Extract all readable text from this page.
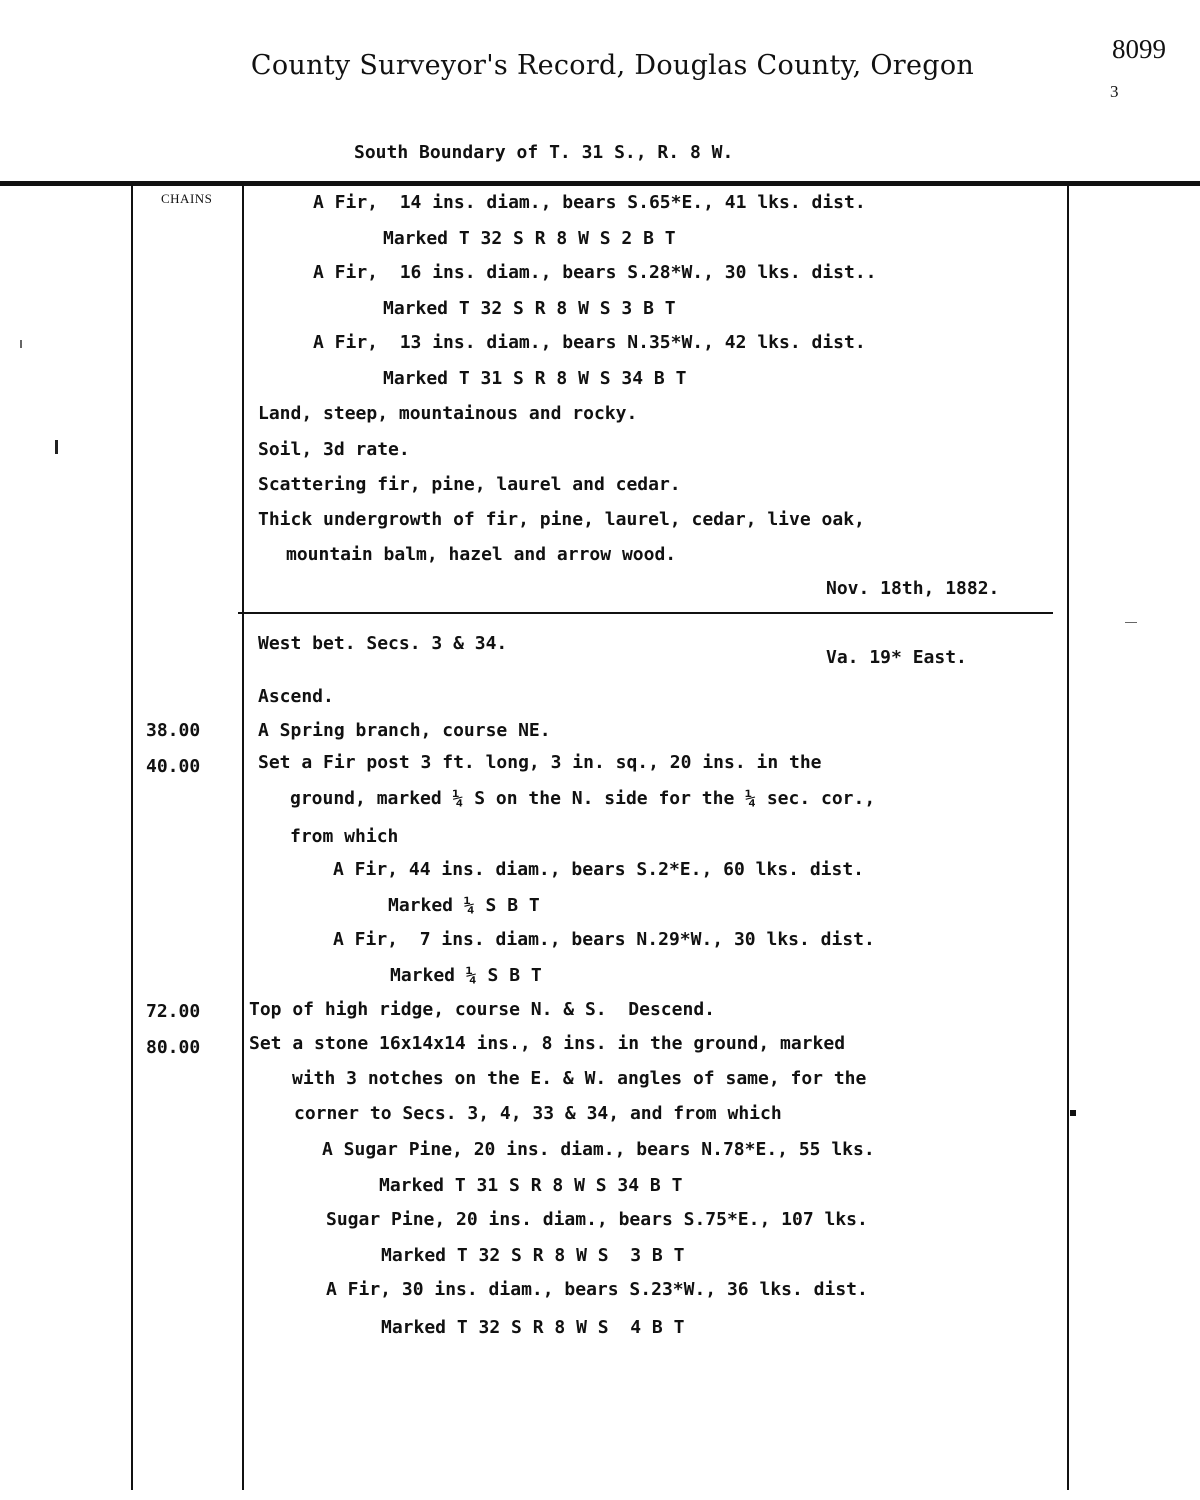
County Surveyor's Record, Douglas County, Oregon
8099
3
South Boundary of T. 31 S., R. 8 W.
CHAINS	A Fir,  14 ins. diam., bears S.65*E., 41 lks. dist.
Marked T 32 S R 8 W S 2 B T
A Fir,  16 ins. diam., bears S.28*W., 30 lks. dist..
Marked T 32 S R 8 W S 3 B T
A Fir,  13 ins. diam., bears N.35*W., 42 lks. dist.
Marked T 31 S R 8 W S 34 B T
Land, steep, mountainous and rocky.
Soil, 3d rate.
Scattering fir, pine, laurel and cedar.
Thick undergrowth of fir, pine, laurel, cedar, live oak,
mountain balm, hazel and arrow wood.
Nov. 18th, 1882.
West bet. Secs. 3 & 34.
Va. 19* East.
Ascend.
38.00	A Spring branch, course NE.
40.00	Set a Fir post 3 ft. long, 3 in. sq., 20 ins. in the
ground, marked ¼ S on the N. side for the ¼ sec. cor.,
from which
A Fir, 44 ins. diam., bears S.2*E., 60 lks. dist.
Marked ¼ S B T
A Fir,  7 ins. diam., bears N.29*W., 30 lks. dist.
Marked ¼ S B T
72.00	Top of high ridge, course N. & S.  Descend.
80.00	Set a stone 16x14x14 ins., 8 ins. in the ground, marked
with 3 notches on the E. & W. angles of same, for the
corner to Secs. 3, 4, 33 & 34, and from which
A Sugar Pine, 20 ins. diam., bears N.78*E., 55 lks.
Marked T 31 S R 8 W S 34 B T
Sugar Pine, 20 ins. diam., bears S.75*E., 107 lks.
Marked T 32 S R 8 W S  3 B T
A Fir, 30 ins. diam., bears S.23*W., 36 lks. dist.
Marked T 32 S R 8 W S  4 B T
